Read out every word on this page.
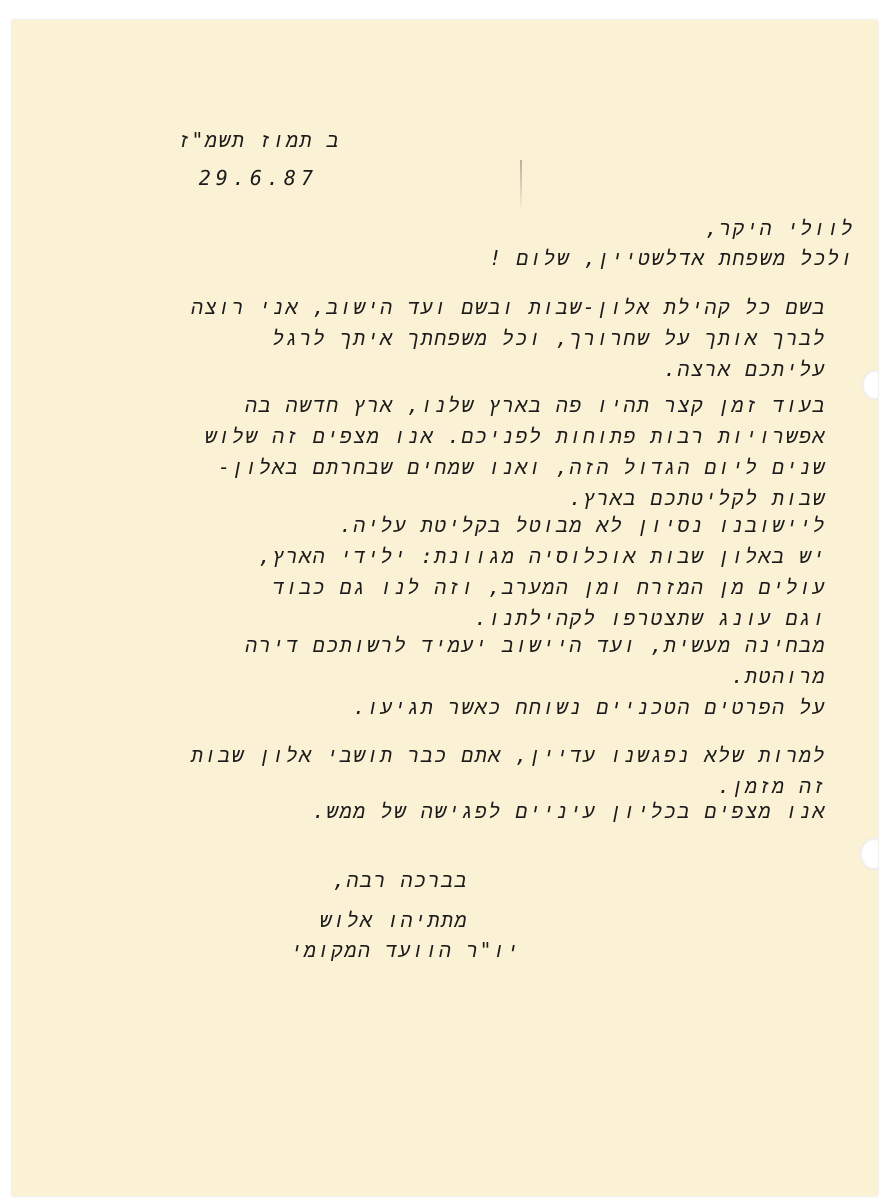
ב תמוז תשמ"ז
29.6.87
לוולי היקר,
ולכל משפחת אדלשטיין, שלום !
בשם כל קהילת אלון-שבות ובשם ועד הישוב, אני רוצה
לברך אותך על שחרורך, וכל משפחתך איתך לרגל
עליתכם ארצה.
בעוד זמן קצר תהיו פה בארץ שלנו, ארץ חדשה בה
אפשרויות רבות פתוחות לפניכם. אנו מצפים זה שלוש
שנים ליום הגדול הזה, ואנו שמחים שבחרתם באלון-
שבות לקליטתכם בארץ.
ליישובנו נסיון לא מבוטל בקליטת עליה.
יש באלון שבות אוכלוסיה מגוונת: ילידי הארץ,
עולים מן המזרח ומן המערב, וזה לנו גם כבוד
וגם עונג שתצטרפו לקהילתנו.
מבחינה מעשית, ועד היישוב יעמיד לרשותכם דירה
מרוהטת.
על הפרטים הטכניים נשוחח כאשר תגיעו.
למרות שלא נפגשנו עדיין, אתם כבר תושבי אלון שבות
זה מזמן.
אנו מצפים בכליון עיניים לפגישה של ממש.
בברכה רבה,
מתתיהו אלוש
יו"ר הוועד המקומי
